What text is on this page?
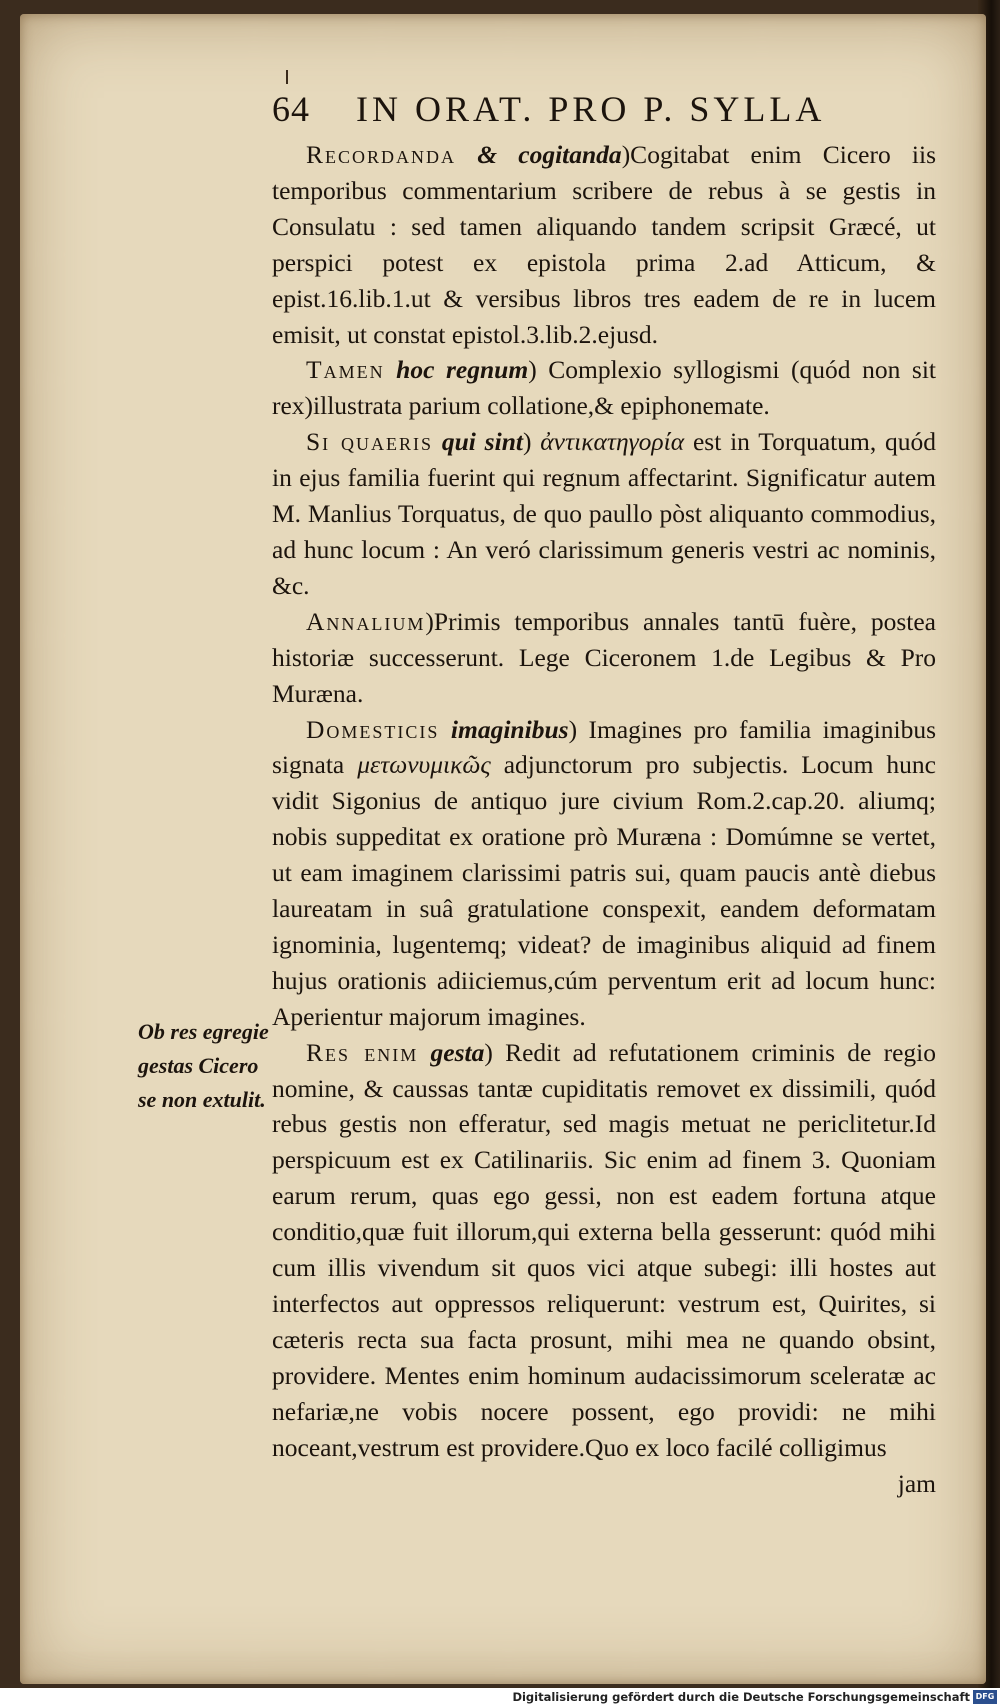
64 IN ORAT. PRO P. SYLLA

Recordanda & cogitanda)Cogitabat enim Cicero iis temporibus commentarium scribere de rebus à se gestis in Consulatu : sed tamen aliquando tandem scripsit Græcé, ut perspici potest ex epistola prima 2.ad Atticum, & epist.16.lib.1.ut & versibus libros tres eadem de re in lucem emisit, ut constat epistol.3.lib.2.ejusd.

Tamen hoc regnum) Complexio syllogismi (quód non sit rex)illustrata parium collatione,& epiphonemate.

Si quaeris qui sint) ἀντικατηγορία est in Torquatum, quód in ejus familia fuerint qui regnum affectarint. Significatur autem M. Manlius Torquatus, de quo paullo pòst aliquanto commodius, ad hunc locum : An veró clarissimum generis vestri ac nominis, &c.

Annalium)Primis temporibus annales tantū fuère, postea historiæ successerunt. Lege Ciceronem 1.de Legibus & Pro Muræna.

Domesticis imaginibus) Imagines pro familia imaginibus signata μετωνυμικῶς adjunctorum pro subjectis. Locum hunc vidit Sigonius de antiquo jure civium Rom.2.cap.20. aliumq; nobis suppeditat ex oratione prò Muræna : Domúmne se vertet, ut eam imaginem clarissimi patris sui, quam paucis antè diebus laureatam in suâ gratulatione conspexit, eandem deformatam ignominia, lugentemq; videat? de imaginibus aliquid ad finem hujus orationis adiiciemus,cúm perventum erit ad locum hunc: Aperientur majorum imagines.

Res enim gesta) Redit ad refutationem criminis de regio nomine, & caussas tantæ cupiditatis removet ex dissimili, quód rebus gestis non efferatur, sed magis metuat ne periclitetur.Id perspicuum est ex Catilinariis. Sic enim ad finem 3. Quoniam earum rerum, quas ego gessi, non est eadem fortuna atque conditio,quæ fuit illorum,qui externa bella gesserunt: quód mihi cum illis vivendum sit quos vici atque subegi: illi hostes aut interfectos aut oppressos reliquerunt: vestrum est, Quirites, si cæteris recta sua facta prosunt, mihi mea ne quando obsint, providere. Mentes enim hominum audacissimorum sceleratæ ac nefariæ,ne vobis nocere possent, ego providi: ne mihi noceant,vestrum est providere.Quo ex loco facilé colligimus

jam

Ob res egregie gestas Cicero se non extulit.
Digitalisierung gefördert durch die Deutsche Forschungsgemeinschaft DFG
